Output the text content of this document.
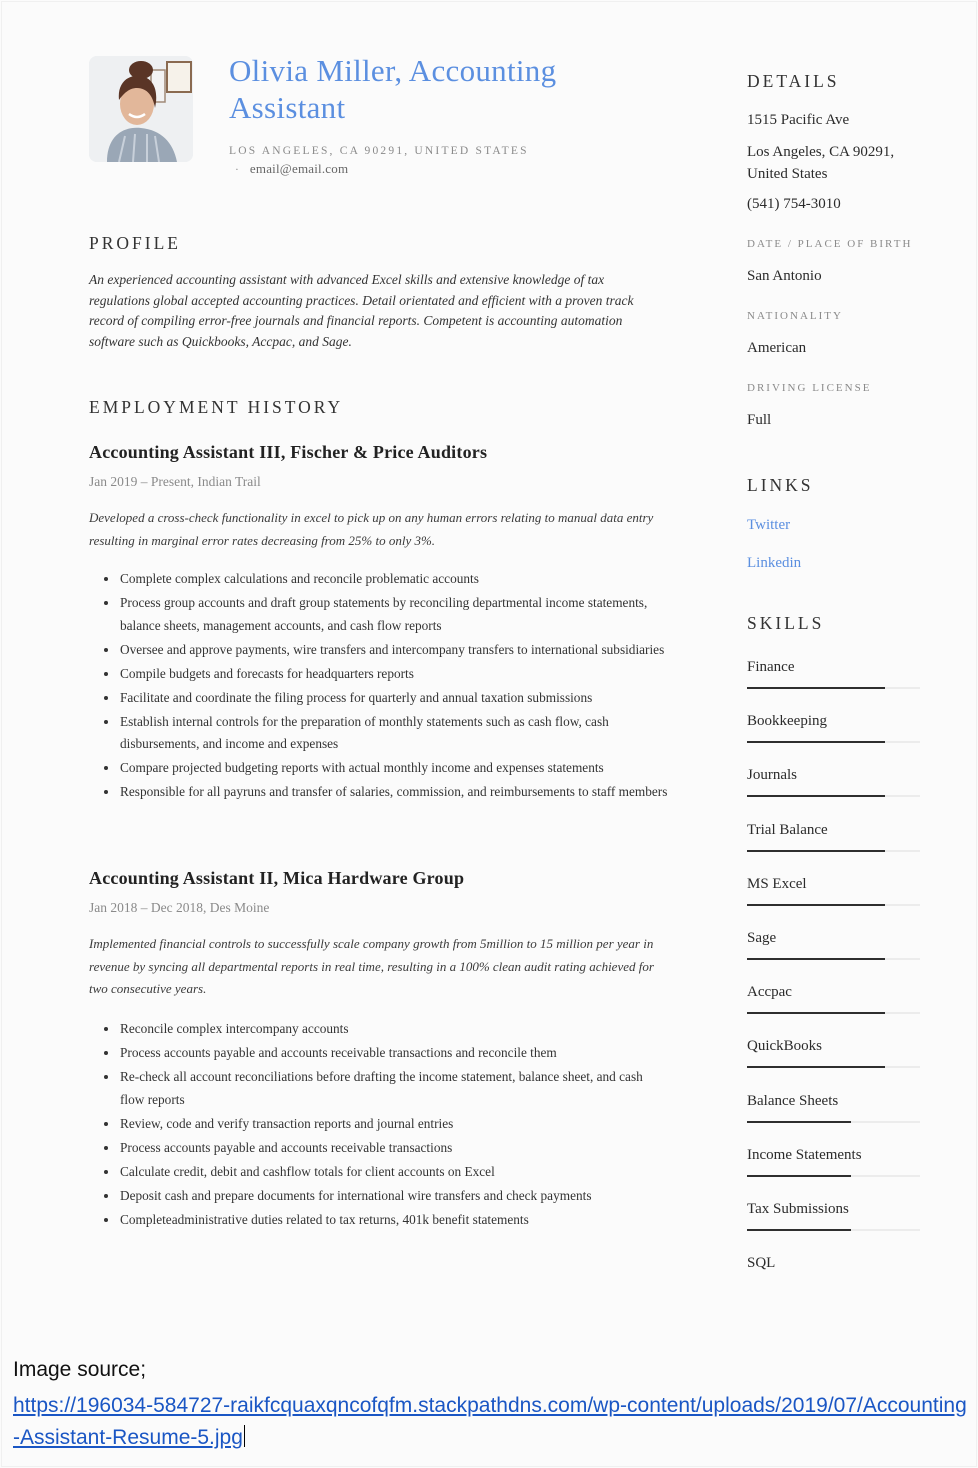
Olivia Miller, Accounting Assistant
LOS ANGELES, CA 90291, UNITED STATES · email@email.com
PROFILE
An experienced accounting assistant with advanced Excel skills and extensive knowledge of tax regulations global accepted accounting practices. Detail orientated and efficient with a proven track record of compiling error-free journals and financial reports. Competent is accounting automation software such as Quickbooks, Accpac, and Sage.
EMPLOYMENT HISTORY
Accounting Assistant III, Fischer & Price Auditors
Jan 2019 – Present, Indian Trail
Developed a cross-check functionality in excel to pick up on any human errors relating to manual data entry resulting in marginal error rates decreasing from 25% to only 3%.
Complete complex calculations and reconcile problematic accounts
Process group accounts and draft group statements by reconciling departmental income statements, balance sheets, management accounts, and cash flow reports
Oversee and approve payments, wire transfers and intercompany transfers to international subsidiaries
Compile budgets and forecasts for headquarters reports
Facilitate and coordinate the filing process for quarterly and annual taxation submissions
Establish internal controls for the preparation of monthly statements such as cash flow, cash disbursements, and income and expenses
Compare projected budgeting reports with actual monthly income and expenses statements
Responsible for all payruns and transfer of salaries, commission, and reimbursements to staff members
Accounting Assistant II, Mica Hardware Group
Jan 2018 – Dec 2018, Des Moine
Implemented financial controls to successfully scale company growth from 5million to 15 million per year in revenue by syncing all departmental reports in real time, resulting in a 100% clean audit rating achieved for two consecutive years.
Reconcile complex intercompany accounts
Process accounts payable and accounts receivable transactions and reconcile them
Re-check all account reconciliations before drafting the income statement, balance sheet, and cash flow reports
Review, code and verify transaction reports and journal entries
Process accounts payable and accounts receivable transactions
Calculate credit, debit and cashflow totals for client accounts on Excel
Deposit cash and prepare documents for international wire transfers and check payments
Completeadministrative duties related to tax returns, 401k benefit statements
DETAILS
1515 Pacific Ave
Los Angeles, CA 90291, United States
(541) 754-3010
DATE / PLACE OF BIRTH
San Antonio
NATIONALITY
American
DRIVING LICENSE
Full
LINKS
Twitter
Linkedin
SKILLS
Finance
Bookkeeping
Journals
Trial Balance
MS Excel
Sage
Accpac
QuickBooks
Balance Sheets
Income Statements
Tax Submissions
SQL
Image source;
https://196034-584727-raikfcquaxqncofqfm.stackpathdns.com/wp-content/uploads/2019/07/Accounting-Assistant-Resume-5.jpg
